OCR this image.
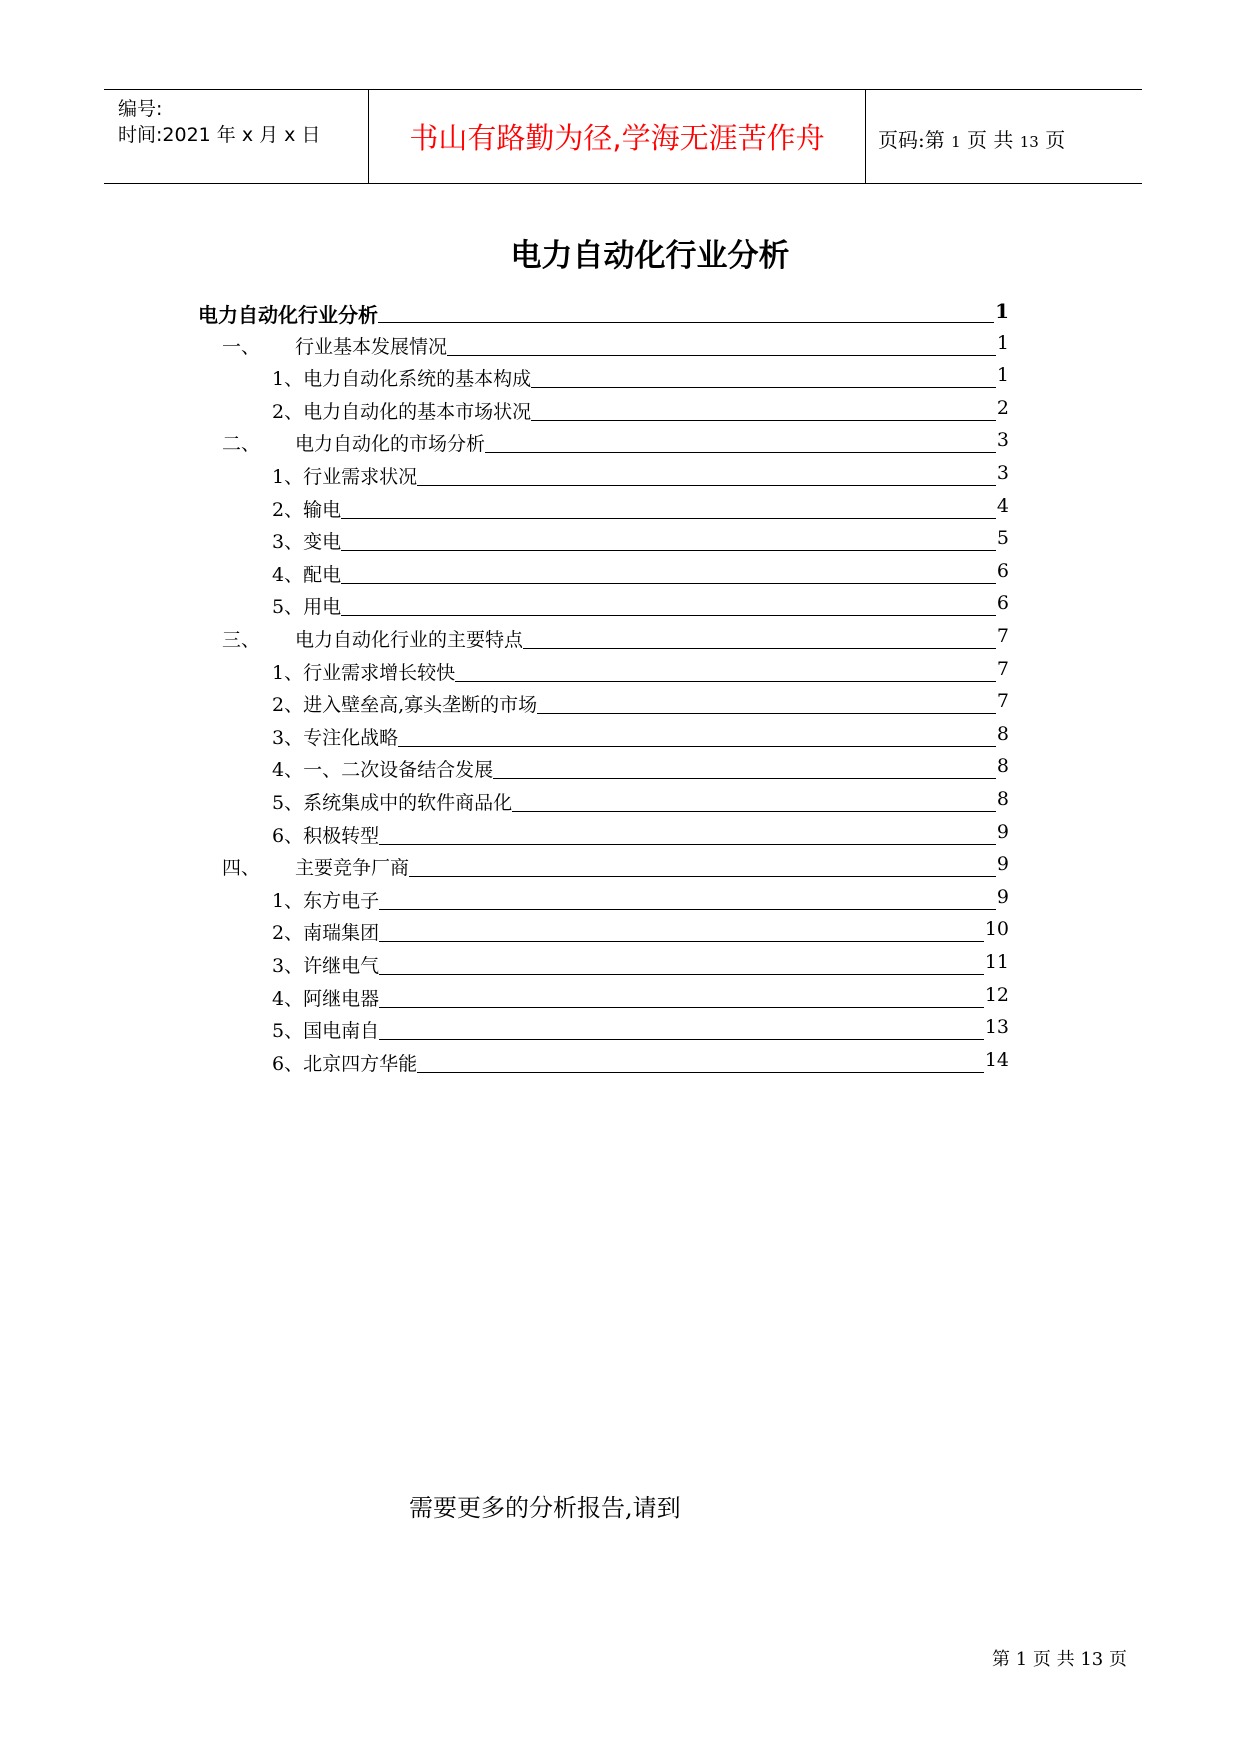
编号:
时间:2021 年 x 月 x 日	书山有路勤为径,学海无涯苦作舟	页码:第 1 页 共 13 页
电力自动化行业分析
电力自动化行业分析	1
一、 行业基本发展情况	1
1、电力自动化系统的基本构成	1
2、电力自动化的基本市场状况	2
二、 电力自动化的市场分析	3
1、行业需求状况	3
2、输电	4
3、变电	5
4、配电	6
5、用电	6
三、 电力自动化行业的主要特点	7
1、行业需求增长较快	7
2、进入壁垒高,寡头垄断的市场	7
3、专注化战略	8
4、一、二次设备结合发展	8
5、系统集成中的软件商品化	8
6、积极转型	9
四、 主要竞争厂商	9
1、东方电子	9
2、南瑞集团	10
3、许继电气	11
4、阿继电器	12
5、国电南自	13
6、北京四方华能	14
需要更多的分析报告,请到
第 1 页 共 13 页
